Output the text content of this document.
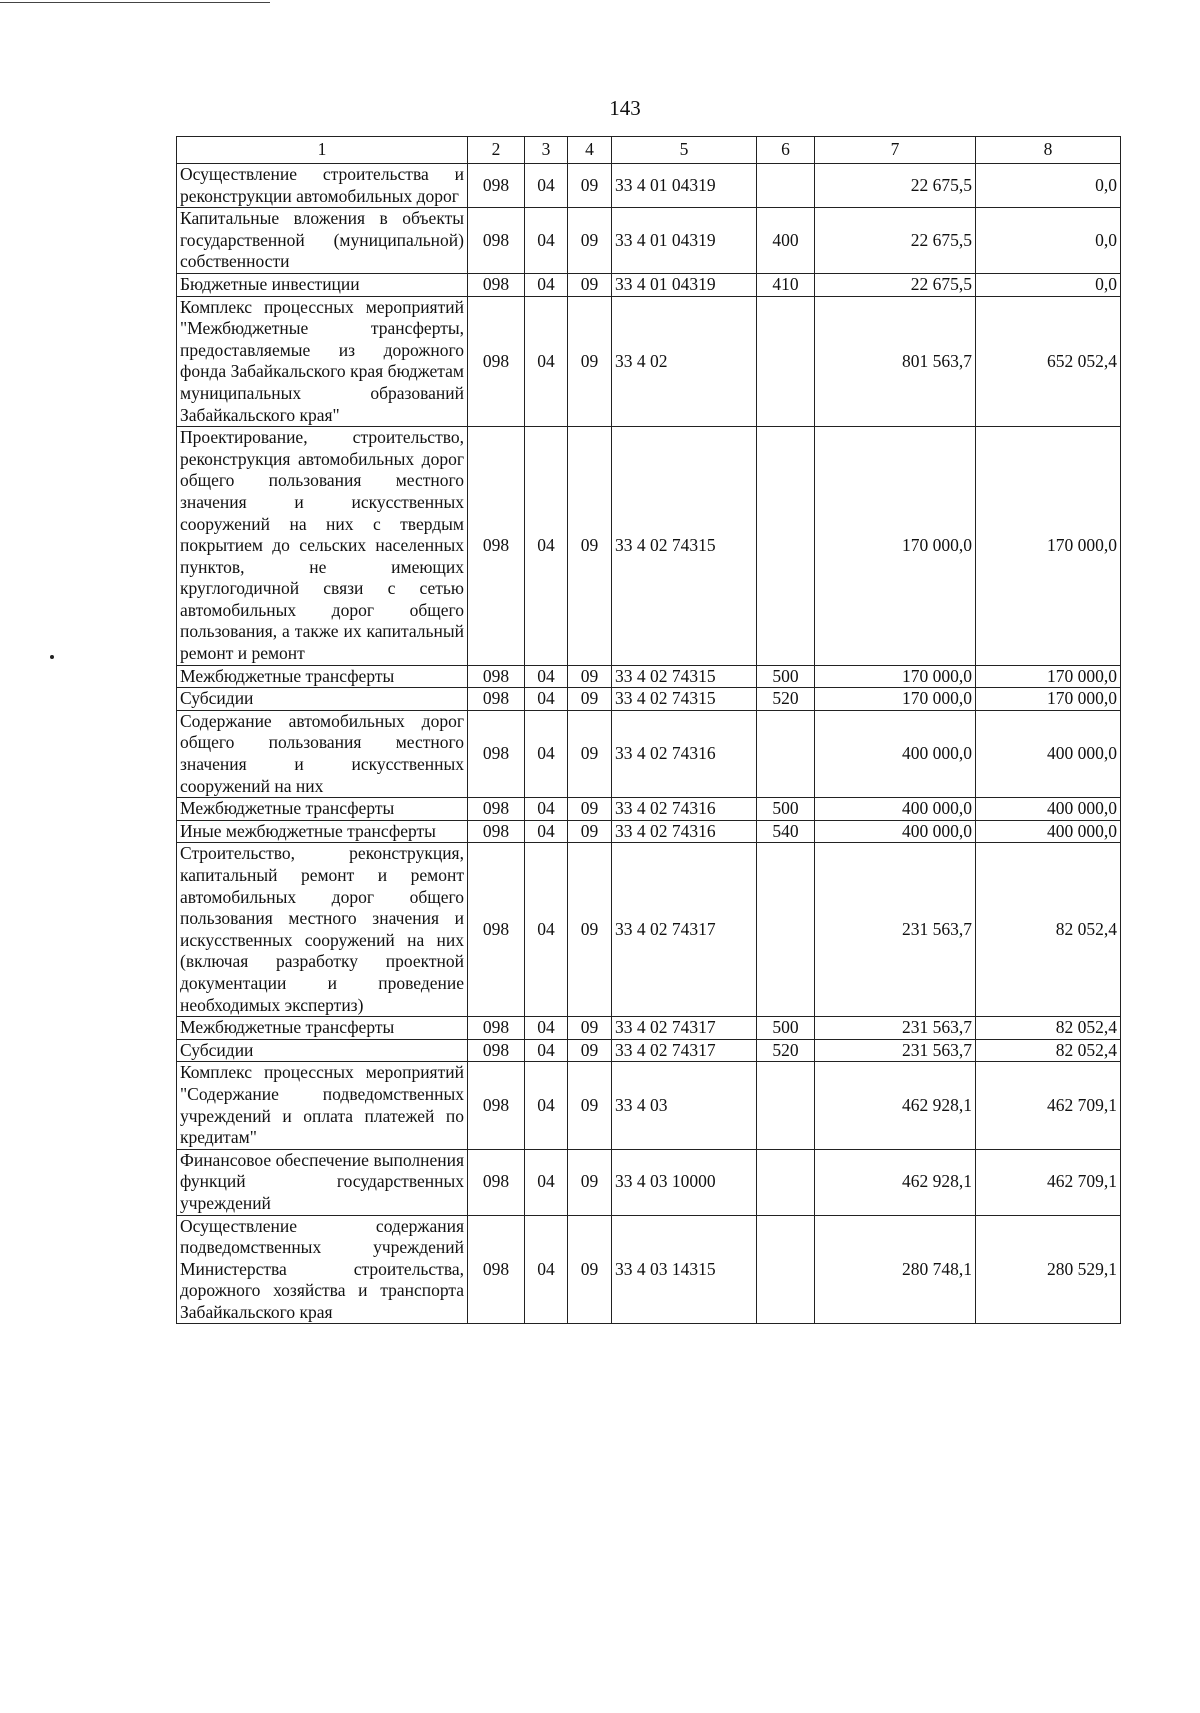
143
1	2	3	4	5	6	7	8
Осуществление строительства и реконструкции автомобильных дорог	098	04	09	33 4 01 04319		22 675,5	0,0
Капитальные вложения в объекты государственной (муниципальной) собственности	098	04	09	33 4 01 04319	400	22 675,5	0,0
Бюджетные инвестиции	098	04	09	33 4 01 04319	410	22 675,5	0,0
Комплекс процессных мероприятий "Межбюджетные трансферты, предоставляемые из дорожного фонда Забайкальского края бюджетам муниципальных образований Забайкальского края"	098	04	09	33 4 02		801 563,7	652 052,4
Проектирование, строительство, реконструкция автомобильных дорог общего пользования местного значения и искусственных сооружений на них с твердым покрытием до сельских населенных пунктов, не имеющих круглогодичной связи с сетью автомобильных дорог общего пользования, а также их капитальный ремонт и ремонт	098	04	09	33 4 02 74315		170 000,0	170 000,0
Межбюджетные трансферты	098	04	09	33 4 02 74315	500	170 000,0	170 000,0
Субсидии	098	04	09	33 4 02 74315	520	170 000,0	170 000,0
Содержание автомобильных дорог общего пользования местного значения и искусственных сооружений на них	098	04	09	33 4 02 74316		400 000,0	400 000,0
Межбюджетные трансферты	098	04	09	33 4 02 74316	500	400 000,0	400 000,0
Иные межбюджетные трансферты	098	04	09	33 4 02 74316	540	400 000,0	400 000,0
Строительство, реконструкция, капитальный ремонт и ремонт автомобильных дорог общего пользования местного значения и искусственных сооружений на них (включая разработку проектной документации и проведение необходимых экспертиз)	098	04	09	33 4 02 74317		231 563,7	82 052,4
Межбюджетные трансферты	098	04	09	33 4 02 74317	500	231 563,7	82 052,4
Субсидии	098	04	09	33 4 02 74317	520	231 563,7	82 052,4
Комплекс процессных мероприятий "Содержание подведомственных учреждений и оплата платежей по кредитам"	098	04	09	33 4 03		462 928,1	462 709,1
Финансовое обеспечение выполнения функций государственных учреждений	098	04	09	33 4 03 10000		462 928,1	462 709,1
Осуществление содержания подведомственных учреждений Министерства строительства, дорожного хозяйства и транспорта Забайкальского края	098	04	09	33 4 03 14315		280 748,1	280 529,1
